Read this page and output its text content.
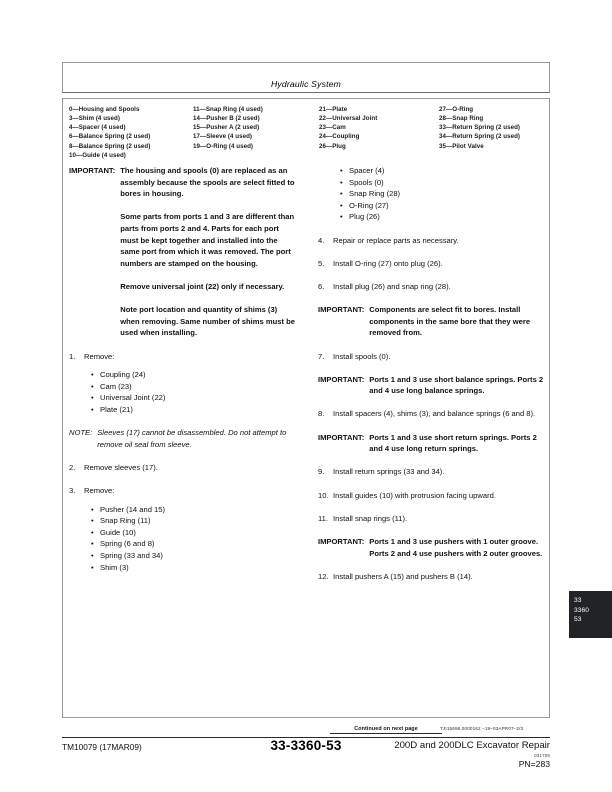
Hydraulic System
0—Housing and Spools
3—Shim (4 used)
4—Spacer (4 used)
6—Balance Spring (2 used)
8—Balance Spring (2 used)
10—Guide (4 used)
11—Snap Ring (4 used)
14—Pusher B (2 used)
15—Pusher A (2 used)
17—Sleeve (4 used)
19—O-Ring (4 used)
21—Plate
22—Universal Joint
23—Cam
24—Coupling
26—Plug
27—O-Ring
28—Snap Ring
33—Return Spring (2 used)
34—Return Spring (2 used)
35—Pilot Valve
IMPORTANT: The housing and spools (0) are replaced as an assembly because the spools are select fitted to bores in housing.

Some parts from ports 1 and 3 are different than parts from ports 2 and 4. Parts for each port must be kept together and installed into the same port from which it was removed. The port numbers are stamped on the housing.

Remove universal joint (22) only if necessary.

Note port location and quantity of shims (3) when removing. Same number of shims must be used when installing.

1.	Remove:
• Coupling (24)
• Cam (23)
• Universal Joint (22)
• Plate (21)
NOTE: Sleeves (17) cannot be disassembled. Do not attempt to remove oil seal from sleeve.
2.	Remove sleeves (17).
3.	Remove:
• Pusher (14 and 15)
• Snap Ring (11)
• Guide (10)
• Spring (6 and 8)
• Spring (33 and 34)
• Shim (3)
• Spacer (4)
• Spools (0)
• Snap Ring (28)
• O-Ring (27)
• Plug (26)
4.	Repair or replace parts as necessary.
5.	Install O-ring (27) onto plug (26).
6.	Install plug (26) and snap ring (28).
IMPORTANT: Components are select fit to bores. Install components in the same bore that they were removed from.
7.	Install spools (0).
IMPORTANT: Ports 1 and 3 use short balance springs. Ports 2 and 4 use long balance springs.
8.	Install spacers (4), shims (3), and balance springs (6 and 8).
IMPORTANT: Ports 1 and 3 use short return springs. Ports 2 and 4 use long return springs.
9.	Install return springs (33 and 34).
10. Install guides (10) with protrusion facing upward.
11. Install snap rings (11).
IMPORTANT: Ports 1 and 3 use pushers with 1 outer groove. Ports 2 and 4 use pushers with 2 outer grooves.
12. Install pushers A (15) and pushers B (14).
33
3360
53
Continued on next page	TJI15698,0000162 –19–03APR07–2/3
TM10079 (17MAR09)	33-3360-53	200D and 200DLC Excavator Repair
031709
PN=283
